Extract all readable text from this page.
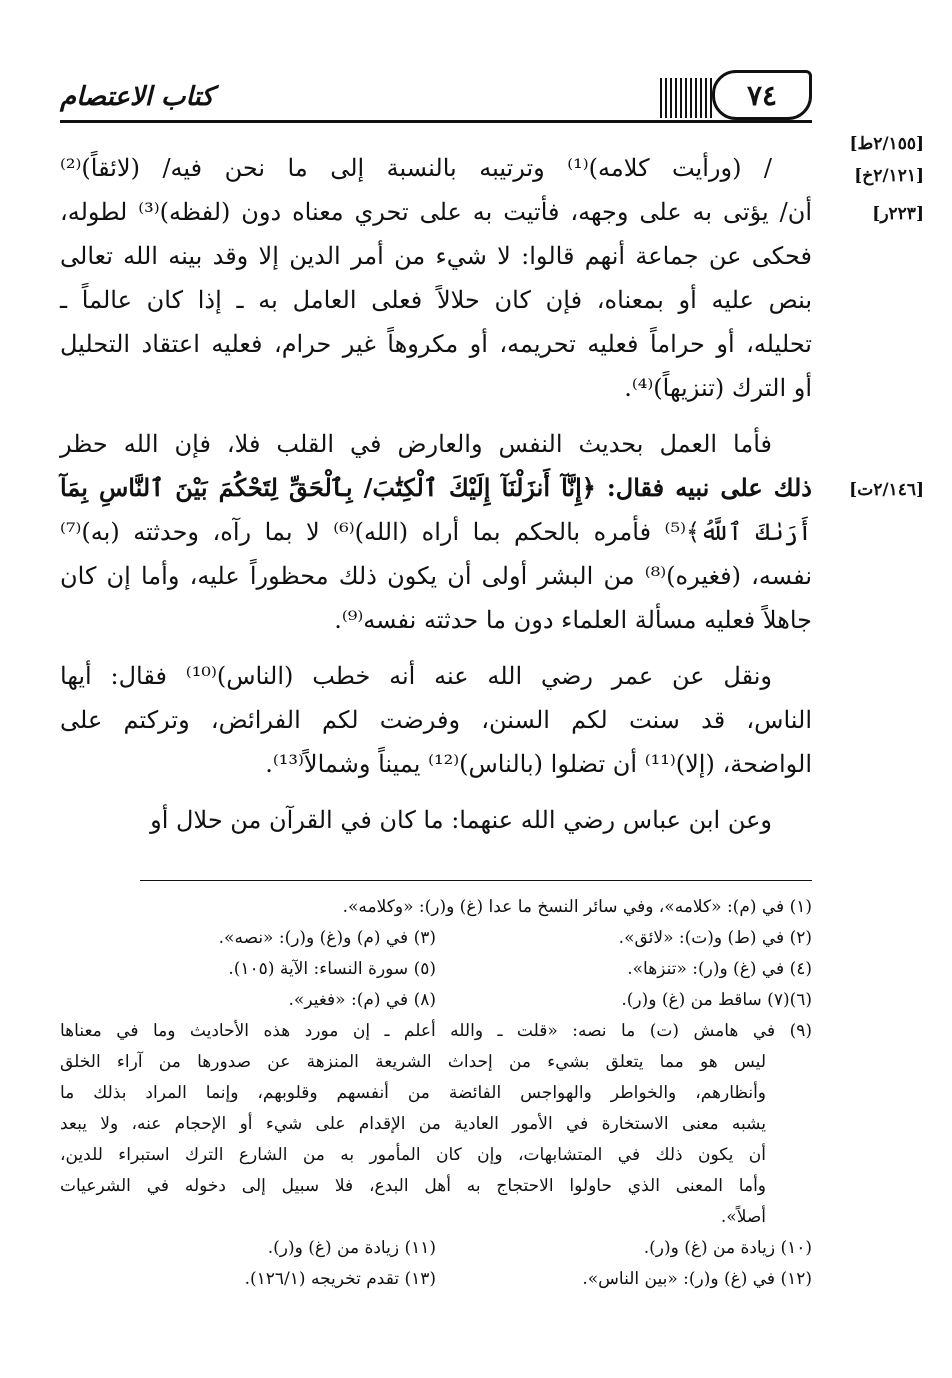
كتاب الاعتصام	٧٤
[٢/١٥٥ط]
[٢/١٢١خ]
[٢٢٣ر]
[٢/١٤٦ت]
/ (ورأيت كلامه)⁽¹⁾ وترتيبه بالنسبة إلى ما نحن فيه/ (لائقاً)⁽²⁾
أن/ يؤتى به على وجهه، فأتيت به على تحري معناه دون (لفظه)⁽³⁾ لطوله،
فحكى عن جماعة أنهم قالوا: لا شيء من أمر الدين إلا وقد بينه الله تعالى
بنص عليه أو بمعناه، فإن كان حلالاً فعلى العامل به ـ إذا كان عالماً ـ
تحليله، أو حراماً فعليه تحريمه، أو مكروهاً غير حرام، فعليه اعتقاد التحليل
أو الترك (تنزيهاً)⁽⁴⁾.
فأما العمل بحديث النفس والعارض في القلب فلا، فإن الله حظر
ذلك على نبيه فقال: ﴿إِنَّآ أَنزَلْنَآ إِلَيْكَ ٱلْكِتَٰبَ/ بِٱلْحَقِّ لِتَحْكُمَ بَيْنَ ٱلنَّاسِ بِمَآ
أَرَىٰكَ ٱللَّهُ﴾⁽⁵⁾ فأمره بالحكم بما أراه (الله)⁽⁶⁾ لا بما رآه، وحدثته (به)⁽⁷⁾
نفسه، (فغيره)⁽⁸⁾ من البشر أولى أن يكون ذلك محظوراً عليه، وأما إن كان
جاهلاً فعليه مسألة العلماء دون ما حدثته نفسه⁽⁹⁾.
ونقل عن عمر رضي الله عنه أنه خطب (الناس)⁽¹⁰⁾ فقال: أيها
الناس، قد سنت لكم السنن، وفرضت لكم الفرائض، وتركتم على
الواضحة، (إلا)⁽¹¹⁾ أن تضلوا (بالناس)⁽¹²⁾ يميناً وشمالاً⁽¹³⁾.
وعن ابن عباس رضي الله عنهما: ما كان في القرآن من حلال أو
(١) في (م): «كلامه»، وفي سائر النسخ ما عدا (غ) و(ر): «وكلامه».
(٢) في (ط) و(ت): «لائق».
(٣) في (م) و(غ) و(ر): «نصه».
(٤) في (غ) و(ر): «تنزها».
(٥) سورة النساء: الآية (١٠٥).
(٦)(٧) ساقط من (غ) و(ر).
(٨) في (م): «فغير».
(٩) في هامش (ت) ما نصه: «قلت ـ والله أعلم ـ إن مورد هذه الأحاديث وما في معناها
ليس هو مما يتعلق بشيء من إحداث الشريعة المنزهة عن صدورها من آراء الخلق
وأنظارهم، والخواطر والهواجس الفائضة من أنفسهم وقلوبهم، وإنما المراد بذلك ما
يشبه معنى الاستخارة في الأمور العادية من الإقدام على شيء أو الإحجام عنه، ولا يبعد
أن يكون ذلك في المتشابهات، وإن كان المأمور به من الشارع الترك استبراء للدين،
وأما المعنى الذي حاولوا الاحتجاج به أهل البدع، فلا سبيل إلى دخوله في الشرعيات
أصلاً».
(١٠) زيادة من (غ) و(ر).
(١١) زيادة من (غ) و(ر).
(١٢) في (غ) و(ر): «بين الناس».
(١٣) تقدم تخريجه (١٢٦/١).
